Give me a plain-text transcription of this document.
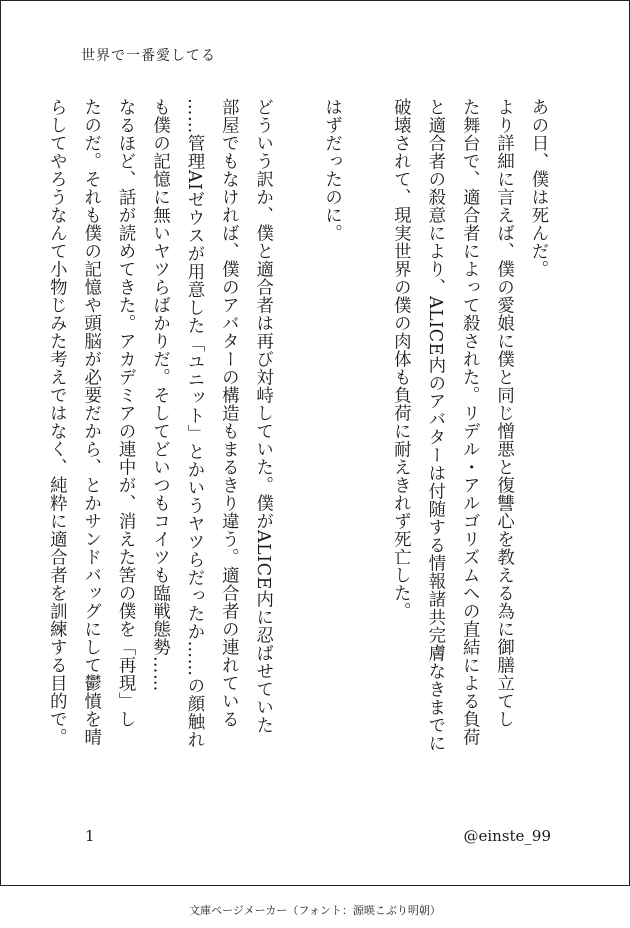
世界で一番愛してる
あの日、僕は死んだ。
より詳細に言えば、僕の愛娘に僕と同じ憎悪と復讐心を教える為に御膳立てし
た舞台で、適合者によって殺された。リデル・アルゴリズムへの直結による負荷
と適合者の殺意により、ALICE内のアバターは付随する情報諸共完膚なきまでに
破壊されて、現実世界の僕の肉体も負荷に耐えきれず死亡した。
はずだったのに。
どういう訳か、僕と適合者は再び対峙していた。僕がALICE内に忍ばせていた
部屋でもなければ、僕のアバターの構造もまるきり違う。適合者の連れている
……管理AIゼウスが用意した「ユニット」とかいうヤツらだったか……の顔触れ
も僕の記憶に無いヤツらばかりだ。そしてどいつもコイツも臨戦態勢……
なるほど、話が読めてきた。アカデミアの連中が、消えた筈の僕を「再現」し
たのだ。それも僕の記憶や頭脳が必要だから、とかサンドバッグにして鬱憤を晴
らしてやろうなんて小物じみた考えではなく、純粋に適合者を訓練する目的で。
1	@einste_99
文庫ページメーカー（フォント：源暎こぶり明朝）
